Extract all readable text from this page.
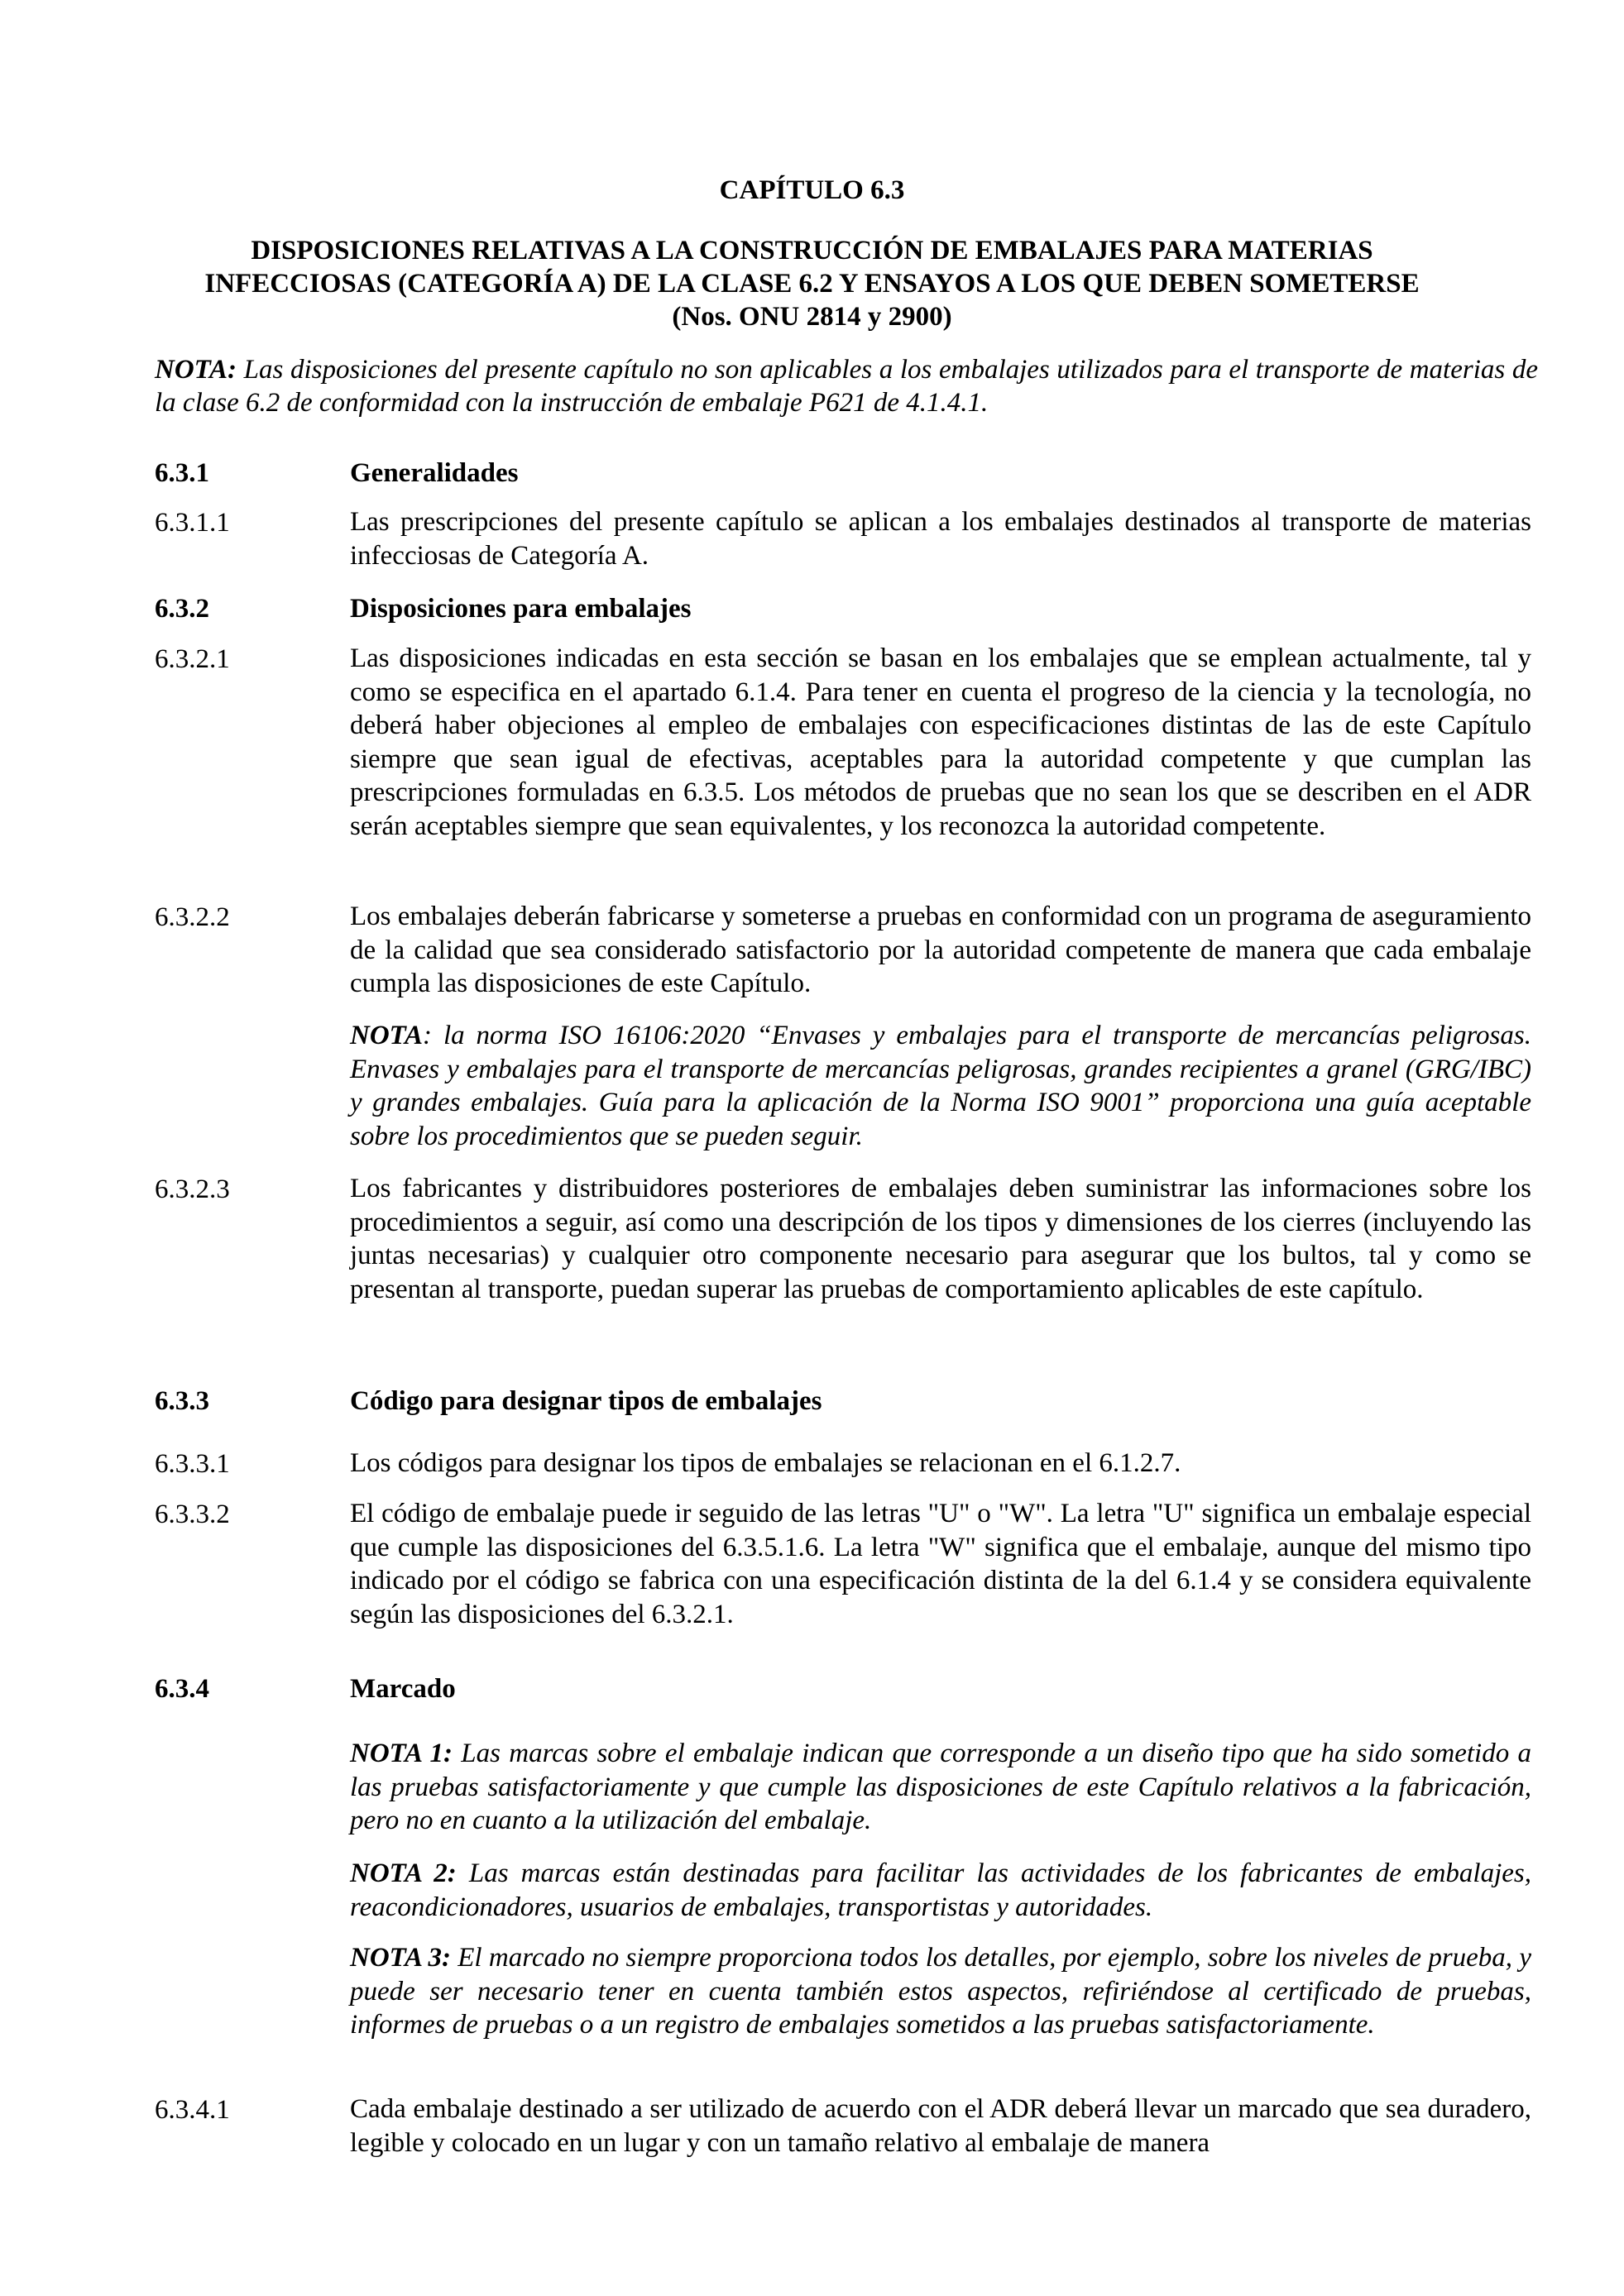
CAPÍTULO 6.3
DISPOSICIONES RELATIVAS A LA CONSTRUCCIÓN DE EMBALAJES PARA MATERIAS
INFECCIOSAS (CATEGORÍA A) DE LA CLASE 6.2 Y ENSAYOS A LOS QUE DEBEN SOMETERSE
(Nos. ONU 2814 y 2900)
NOTA: Las disposiciones del presente capítulo no son aplicables a los embalajes utilizados para el transporte de materias de la clase 6.2 de conformidad con la instrucción de embalaje P621 de 4.1.4.1.
6.3.1	Generalidades
6.3.1.1	Las prescripciones del presente capítulo se aplican a los embalajes destinados al transporte de materias infecciosas de Categoría A.
6.3.2	Disposiciones para embalajes
6.3.2.1	Las disposiciones indicadas en esta sección se basan en los embalajes que se emplean actualmente, tal y como se especifica en el apartado 6.1.4. Para tener en cuenta el progreso de la ciencia y la tecnología, no deberá haber objeciones al empleo de embalajes con especificaciones distintas de las de este Capítulo siempre que sean igual de efectivas, aceptables para la autoridad competente y que cumplan las prescripciones formuladas en 6.3.5. Los métodos de pruebas que no sean los que se describen en el ADR serán aceptables siempre que sean equivalentes, y los reconozca la autoridad competente.
6.3.2.2	Los embalajes deberán fabricarse y someterse a pruebas en conformidad con un programa de aseguramiento de la calidad que sea considerado satisfactorio por la autoridad competente de manera que cada embalaje cumpla las disposiciones de este Capítulo.
NOTA: la norma ISO 16106:2020 “Envases y embalajes para el transporte de mercancías peligrosas. Envases y embalajes para el transporte de mercancías peligrosas, grandes recipientes a granel (GRG/IBC) y grandes embalajes. Guía para la aplicación de la Norma ISO 9001” proporciona una guía aceptable sobre los procedimientos que se pueden seguir.
6.3.2.3	Los fabricantes y distribuidores posteriores de embalajes deben suministrar las informaciones sobre los procedimientos a seguir, así como una descripción de los tipos y dimensiones de los cierres (incluyendo las juntas necesarias) y cualquier otro componente necesario para asegurar que los bultos, tal y como se presentan al transporte, puedan superar las pruebas de comportamiento aplicables de este capítulo.
6.3.3	Código para designar tipos de embalajes
6.3.3.1	Los códigos para designar los tipos de embalajes se relacionan en el 6.1.2.7.
6.3.3.2	El código de embalaje puede ir seguido de las letras "U" o "W". La letra "U" significa un embalaje especial que cumple las disposiciones del 6.3.5.1.6. La letra "W" significa que el embalaje, aunque del mismo tipo indicado por el código se fabrica con una especificación distinta de la del 6.1.4 y se considera equivalente según las disposiciones del 6.3.2.1.
6.3.4	Marcado
NOTA 1: Las marcas sobre el embalaje indican que corresponde a un diseño tipo que ha sido sometido a las pruebas satisfactoriamente y que cumple las disposiciones de este Capítulo relativos a la fabricación, pero no en cuanto a la utilización del embalaje.
NOTA 2: Las marcas están destinadas para facilitar las actividades de los fabricantes de embalajes, reacondicionadores, usuarios de embalajes, transportistas y autoridades.
NOTA 3: El marcado no siempre proporciona todos los detalles, por ejemplo, sobre los niveles de prueba, y puede ser necesario tener en cuenta también estos aspectos, refiriéndose al certificado de pruebas, informes de pruebas o a un registro de embalajes sometidos a las pruebas satisfactoriamente.
6.3.4.1	Cada embalaje destinado a ser utilizado de acuerdo con el ADR deberá llevar un marcado que sea duradero, legible y colocado en un lugar y con un tamaño relativo al embalaje de manera
